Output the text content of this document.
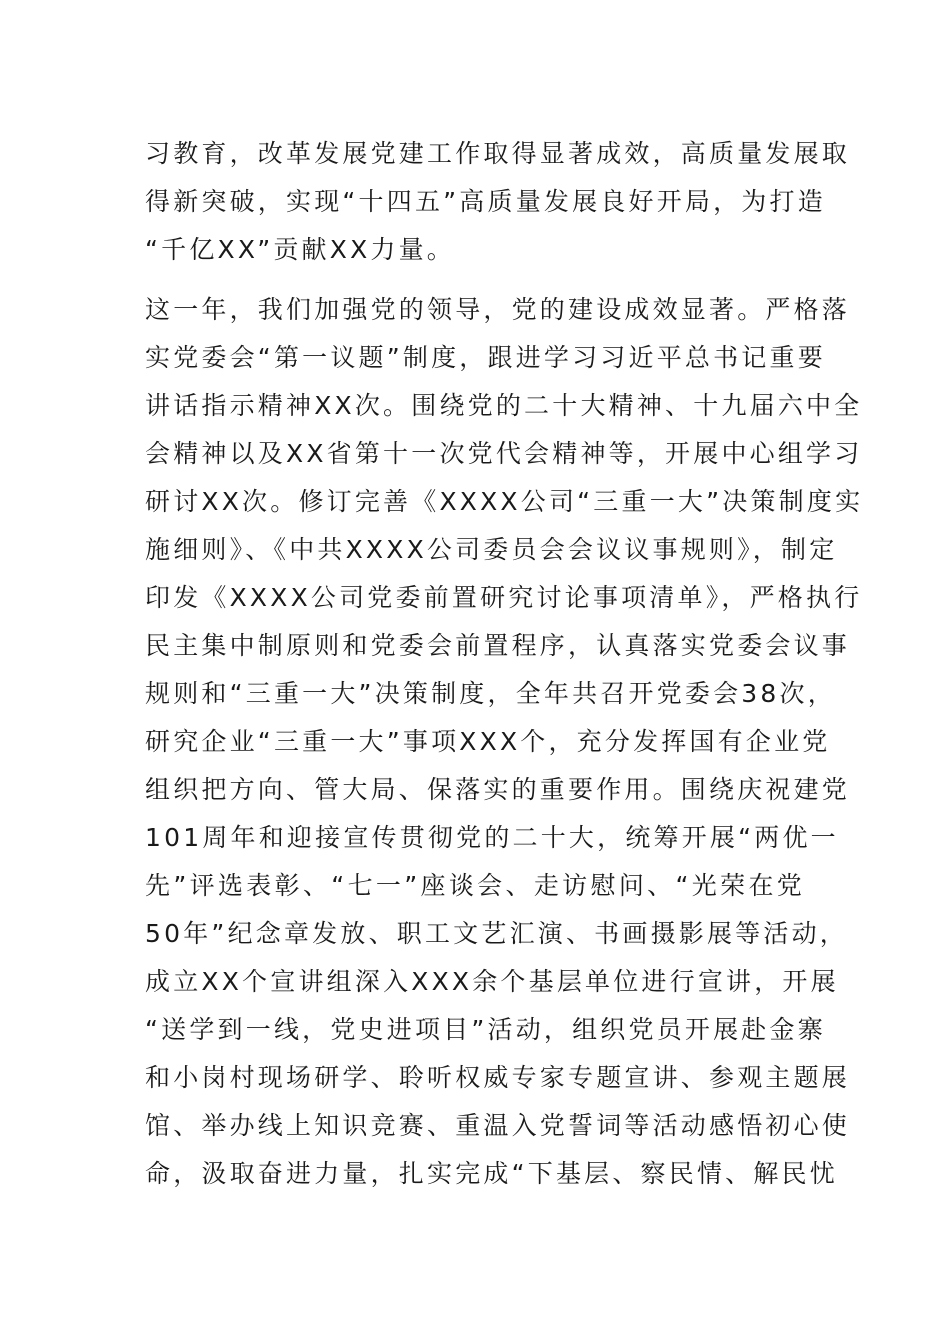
习教育，改革发展党建工作取得显著成效，高质量发展取
得新突破，实现“十四五”高质量发展良好开局，为打造
“千亿XX”贡献XX力量。
这一年，我们加强党的领导，党的建设成效显著。严格落
实党委会“第一议题”制度，跟进学习习近平总书记重要
讲话指示精神XX次。围绕党的二十大精神、十九届六中全
会精神以及XX省第十一次党代会精神等，开展中心组学习
研讨XX次。修订完善《XXXX公司“三重一大”决策制度实
施细则》、《中共XXXX公司委员会会议议事规则》，制定
印发《XXXX公司党委前置研究讨论事项清单》，严格执行
民主集中制原则和党委会前置程序，认真落实党委会议事
规则和“三重一大”决策制度，全年共召开党委会38次，
研究企业“三重一大”事项XXX个，充分发挥国有企业党
组织把方向、管大局、保落实的重要作用。围绕庆祝建党
101周年和迎接宣传贯彻党的二十大，统筹开展“两优一
先”评选表彰、“七一”座谈会、走访慰问、“光荣在党
50年”纪念章发放、职工文艺汇演、书画摄影展等活动，
成立XX个宣讲组深入XXX余个基层单位进行宣讲，开展
“送学到一线，党史进项目”活动，组织党员开展赴金寨
和小岗村现场研学、聆听权威专家专题宣讲、参观主题展
馆、举办线上知识竞赛、重温入党誓词等活动感悟初心使
命，汲取奋进力量，扎实完成“下基层、察民情、解民忧
